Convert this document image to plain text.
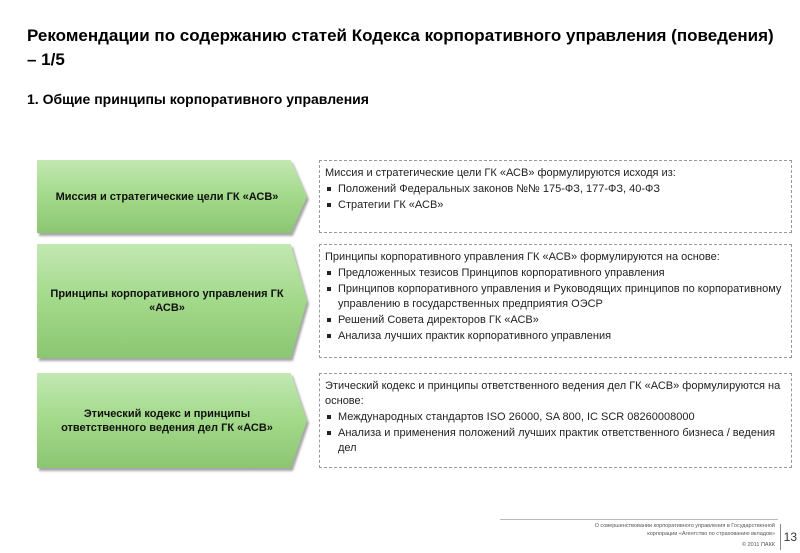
Рекомендации по содержанию статей Кодекса корпоративного управления (поведения) – 1/5
1. Общие принципы корпоративного управления
Миссия и стратегические цели ГК «АСВ»

Миссия и стратегические цели ГК «АСВ» формулируются исходя из:

Положений Федеральных законов №№ 175-ФЗ, 177-ФЗ, 40-ФЗ
Стратегии ГК «АСВ»
Принципы корпоративного управления ГК «АСВ»

Принципы корпоративного управления ГК «АСВ» формулируются на основе:

Предложенных тезисов Принципов корпоративного управления
Принципов корпоративного управления и Руководящих принципов по корпоративному управлению в государственных предприятия ОЭСР
Решений Совета директоров ГК «АСВ»
Анализа лучших практик корпоративного управления
Этический кодекс и принципы ответственного ведения дел ГК «АСВ»

Этический кодекс и принципы ответственного ведения дел ГК «АСВ» формулируются на основе:

Международных стандартов ISO 26000, SA 800, IC SCR 08260008000
Анализа и применения положений лучших практик ответственного бизнеса / ведения дел
О совершенствовании корпоративного управления в Государственной
корпорации «Агентство по страхованию вкладов»
© 2011 ПАКК
13
